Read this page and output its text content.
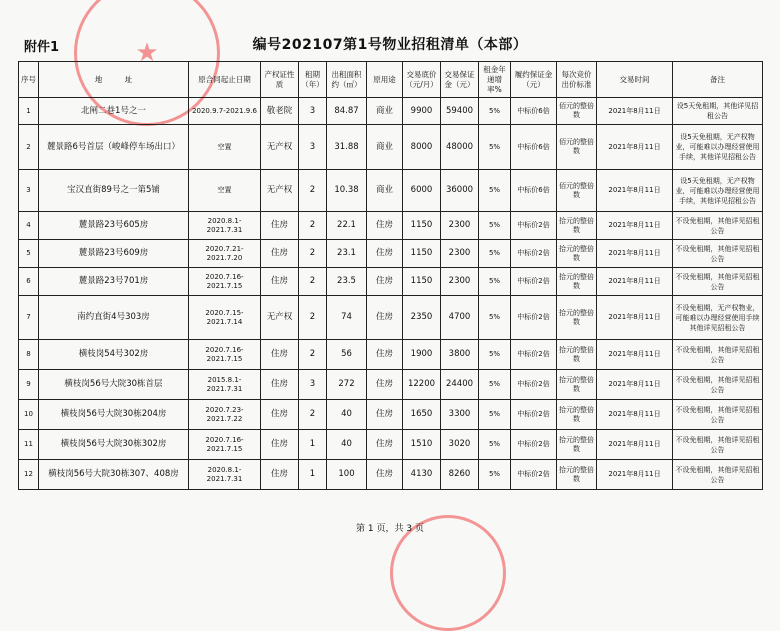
★
附件1	编号202107第1号物业招租清单（本部）
序号	地　　　址	原合同起止日期	产权证性质	租期（年）	出租面积约（㎡）	原用途	交易底价（元/月）	交易保证金（元）	租金年递增率%	履约保证金（元）	每次竞价出价标准	交易时间	备注
1	北闸二巷1号之一	2020.9.7-2021.9.6	敬老院	3	84.87	商业	9900	59400	5%	中标价6倍	佰元的整倍数	2021年8月11日	设5天免租期，其他详见招租公告
2	麓景路6号首层（峻峰停车场出口）	空置	无产权	3	31.88	商业	8000	48000	5%	中标价6倍	佰元的整倍数	2021年8月11日	设5天免租期，无产权物业，可能难以办理经营使用手续，其他详见招租公告
3	宝汉直街89号之一第5铺	空置	无产权	2	10.38	商业	6000	36000	5%	中标价6倍	佰元的整倍数	2021年8月11日	设5天免租期，无产权物业，可能难以办理经营使用手续，其他详见招租公告
4	麓景路23号605房	2020.8.1-2021.7.31	住房	2	22.1	住房	1150	2300	5%	中标价2倍	拾元的整倍数	2021年8月11日	不设免租期，其他详见招租公告
5	麓景路23号609房	2020.7.21-2021.7.20	住房	2	23.1	住房	1150	2300	5%	中标价2倍	拾元的整倍数	2021年8月11日	不设免租期，其他详见招租公告
6	麓景路23号701房	2020.7.16-2021.7.15	住房	2	23.5	住房	1150	2300	5%	中标价2倍	拾元的整倍数	2021年8月11日	不设免租期，其他详见招租公告
7	南约直街4号303房	2020.7.15-2021.7.14	无产权	2	74	住房	2350	4700	5%	中标价2倍	拾元的整倍数	2021年8月11日	不设免租期，无产权物业，可能难以办理经营使用手续其他详见招租公告
8	横枝岗54号302房	2020.7.16-2021.7.15	住房	2	56	住房	1900	3800	5%	中标价2倍	拾元的整倍数	2021年8月11日	不设免租期，其他详见招租公告
9	横枝岗56号大院30栋首层	2015.8.1-2021.7.31	住房	3	272	住房	12200	24400	5%	中标价2倍	拾元的整倍数	2021年8月11日	不设免租期，其他详见招租公告
10	横枝岗56号大院30栋204房	2020.7.23-2021.7.22	住房	2	40	住房	1650	3300	5%	中标价2倍	拾元的整倍数	2021年8月11日	不设免租期，其他详见招租公告
11	横枝岗56号大院30栋302房	2020.7.16-2021.7.15	住房	1	40	住房	1510	3020	5%	中标价2倍	拾元的整倍数	2021年8月11日	不设免租期，其他详见招租公告
12	横枝岗56号大院30栋307、408房	2020.8.1-2021.7.31	住房	1	100	住房	4130	8260	5%	中标价2倍	拾元的整倍数	2021年8月11日	不设免租期，其他详见招租公告
第 1 页，共 3 页
